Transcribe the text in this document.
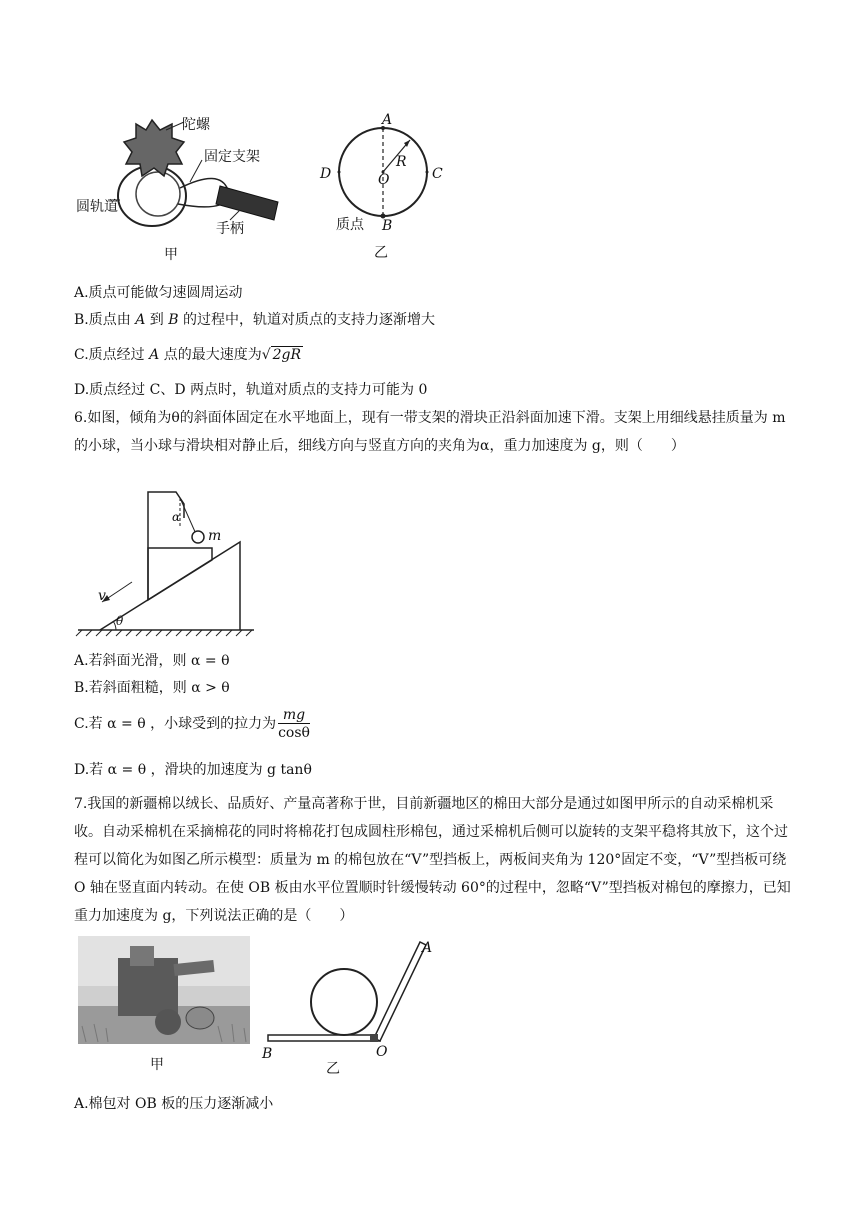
陀螺
固定支架
圆轨道
手柄
甲
A
R
D	O	C
质点 B
乙
A.质点可能做匀速圆周运动
B.质点由 A 到 B 的过程中，轨道对质点的支持力逐渐增大
C.质点经过 A 点的最大速度为√ 2gR
D.质点经过 C、D 两点时，轨道对质点的支持力可能为 0
6.如图，倾角为θ的斜面体固定在水平地面上，现有一带支架的滑块正沿斜面加速下滑。支架上用细线悬挂质量为 m 的小球，当小球与滑块相对静止后，细线方向与竖直方向的夹角为α，重力加速度为 g，则（　　）
α
m
v
θ
A.若斜面光滑，则 α = θ
B.若斜面粗糙，则 α > θ
C.若 α = θ ，小球受到的拉力为 $\frac{mg}{\cos\theta}$
D.若 α = θ ，滑块的加速度为 g tanθ
7.我国的新疆棉以绒长、品质好、产量高著称于世，目前新疆地区的棉田大部分是通过如图甲所示的自动采棉机采收。自动采棉机在采摘棉花的同时将棉花打包成圆柱形棉包，通过采棉机后侧可以旋转的支架平稳将其放下，这个过程可以简化为如图乙所示模型：质量为 m 的棉包放在“V”型挡板上，两板间夹角为 120°固定不变，“V”型挡板可绕 O 轴在竖直面内转动。在使 OB 板由水平位置顺时针缓慢转动 60°的过程中，忽略“V”型挡板对棉包的摩擦力，已知重力加速度为 g，下列说法正确的是（　　）
甲
A
B	O
乙
A.棉包对 OB 板的压力逐渐减小
